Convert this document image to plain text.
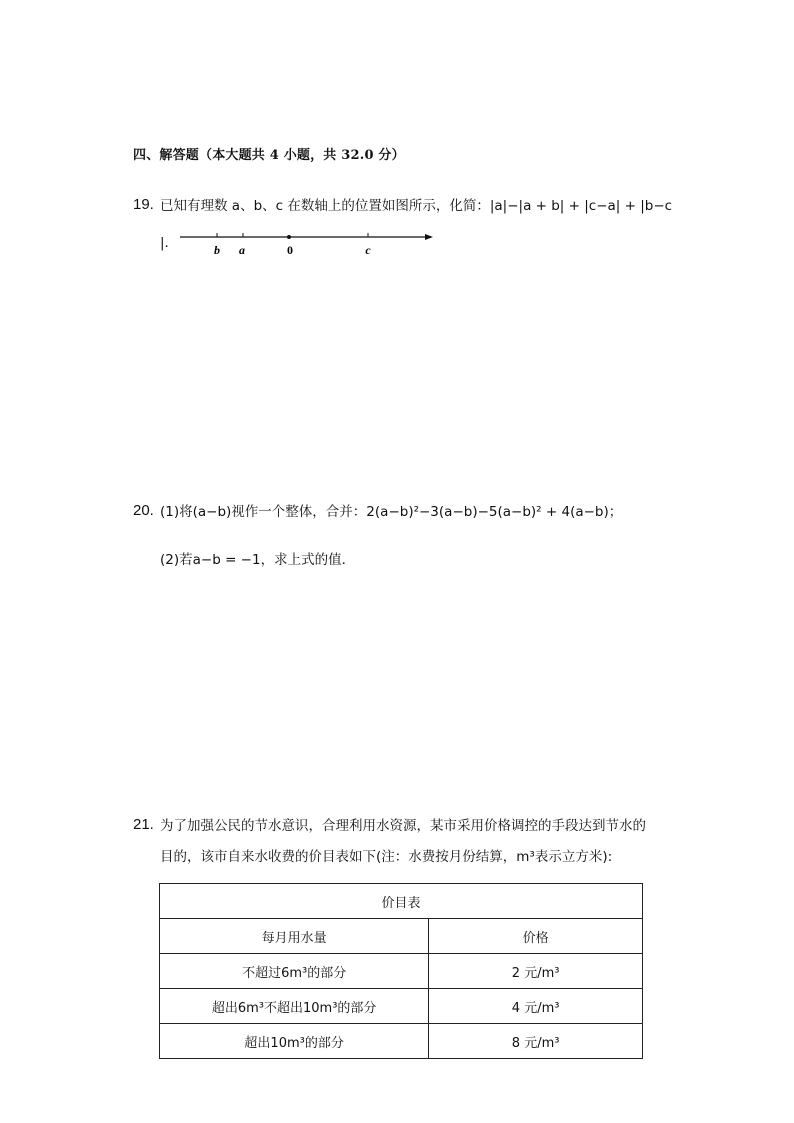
四、解答题（本大题共 4 小题，共 32.0 分）
19. 已知有理数 a、b、c 在数轴上的位置如图所示，化简：|a|−|a + b| + |c−a| + |b−c
|．	b a	0	c
20. (1)将(a−b)视作一个整体，合并：2(a−b)²−3(a−b)−5(a−b)² + 4(a−b)；
(2)若a−b = −1，求上式的值．
21. 为了加强公民的节水意识，合理利用水资源，某市采用价格调控的手段达到节水的
目的，该市自来水收费的价目表如下(注：水费按月份结算，m³表示立方米):
价目表	
每月用水量	价格
不超过6m³的部分	2 元/m³
超出6m³不超出10m³的部分	4 元/m³
超出10m³的部分	8 元/m³
